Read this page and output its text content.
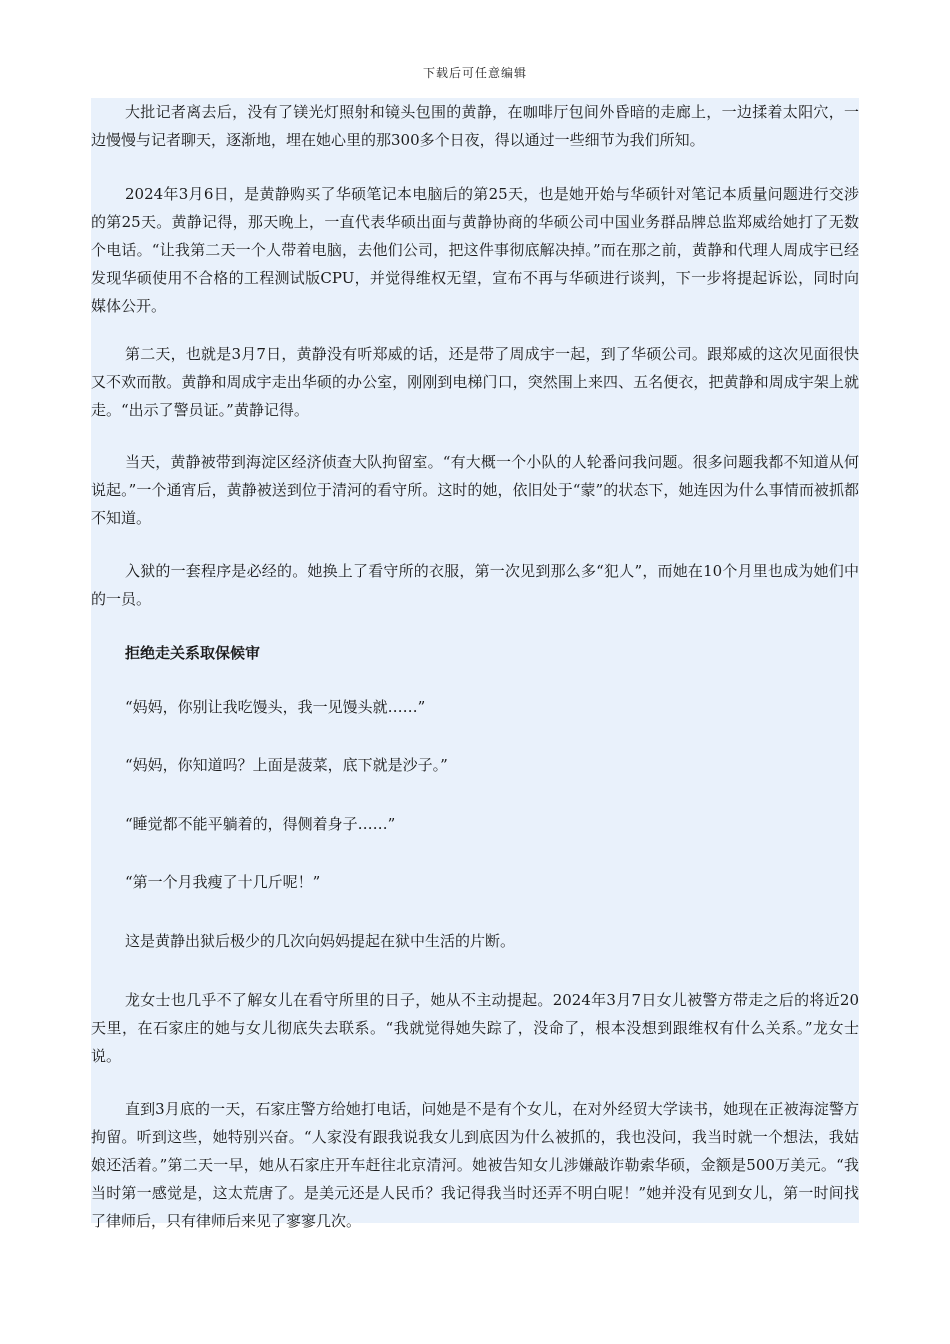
下载后可任意编辑

大批记者离去后，没有了镁光灯照射和镜头包围的黄静，在咖啡厅包间外昏暗的走廊上，一边揉着太阳穴，一边慢慢与记者聊天，逐渐地，埋在她心里的那300多个日夜，得以通过一些细节为我们所知。

2024年3月6日，是黄静购买了华硕笔记本电脑后的第25天，也是她开始与华硕针对笔记本质量问题进行交涉的第25天。黄静记得，那天晚上，一直代表华硕出面与黄静协商的华硕公司中国业务群品牌总监郑威给她打了无数个电话。“让我第二天一个人带着电脑，去他们公司，把这件事彻底解决掉。”而在那之前，黄静和代理人周成宇已经发现华硕使用不合格的工程测试版CPU，并觉得维权无望，宣布不再与华硕进行谈判，下一步将提起诉讼，同时向媒体公开。

第二天，也就是3月7日，黄静没有听郑威的话，还是带了周成宇一起，到了华硕公司。跟郑威的这次见面很快又不欢而散。黄静和周成宇走出华硕的办公室，刚刚到电梯门口，突然围上来四、五名便衣，把黄静和周成宇架上就走。“出示了警员证。”黄静记得。

当天，黄静被带到海淀区经济侦查大队拘留室。“有大概一个小队的人轮番问我问题。很多问题我都不知道从何说起。”一个通宵后，黄静被送到位于清河的看守所。这时的她，依旧处于“蒙”的状态下，她连因为什么事情而被抓都不知道。

入狱的一套程序是必经的。她换上了看守所的衣服，第一次见到那么多“犯人”，而她在10个月里也成为她们中的一员。

拒绝走关系取保候审

“妈妈，你别让我吃馒头，我一见馒头就……”

“妈妈，你知道吗？上面是菠菜，底下就是沙子。”

“睡觉都不能平躺着的，得侧着身子……”

“第一个月我瘦了十几斤呢！”

这是黄静出狱后极少的几次向妈妈提起在狱中生活的片断。

龙女士也几乎不了解女儿在看守所里的日子，她从不主动提起。2024年3月7日女儿被警方带走之后的将近20天里，在石家庄的她与女儿彻底失去联系。“我就觉得她失踪了，没命了，根本没想到跟维权有什么关系。”龙女士说。

直到3月底的一天，石家庄警方给她打电话，问她是不是有个女儿，在对外经贸大学读书，她现在正被海淀警方拘留。听到这些，她特别兴奋。“人家没有跟我说我女儿到底因为什么被抓的，我也没问，我当时就一个想法，我姑娘还活着。”第二天一早，她从石家庄开车赶往北京清河。她被告知女儿涉嫌敲诈勒索华硕，金额是500万美元。“我当时第一感觉是，这太荒唐了。是美元还是人民币？我记得我当时还弄不明白呢！”她并没有见到女儿，第一时间找了律师后，只有律师后来见了寥寥几次。
